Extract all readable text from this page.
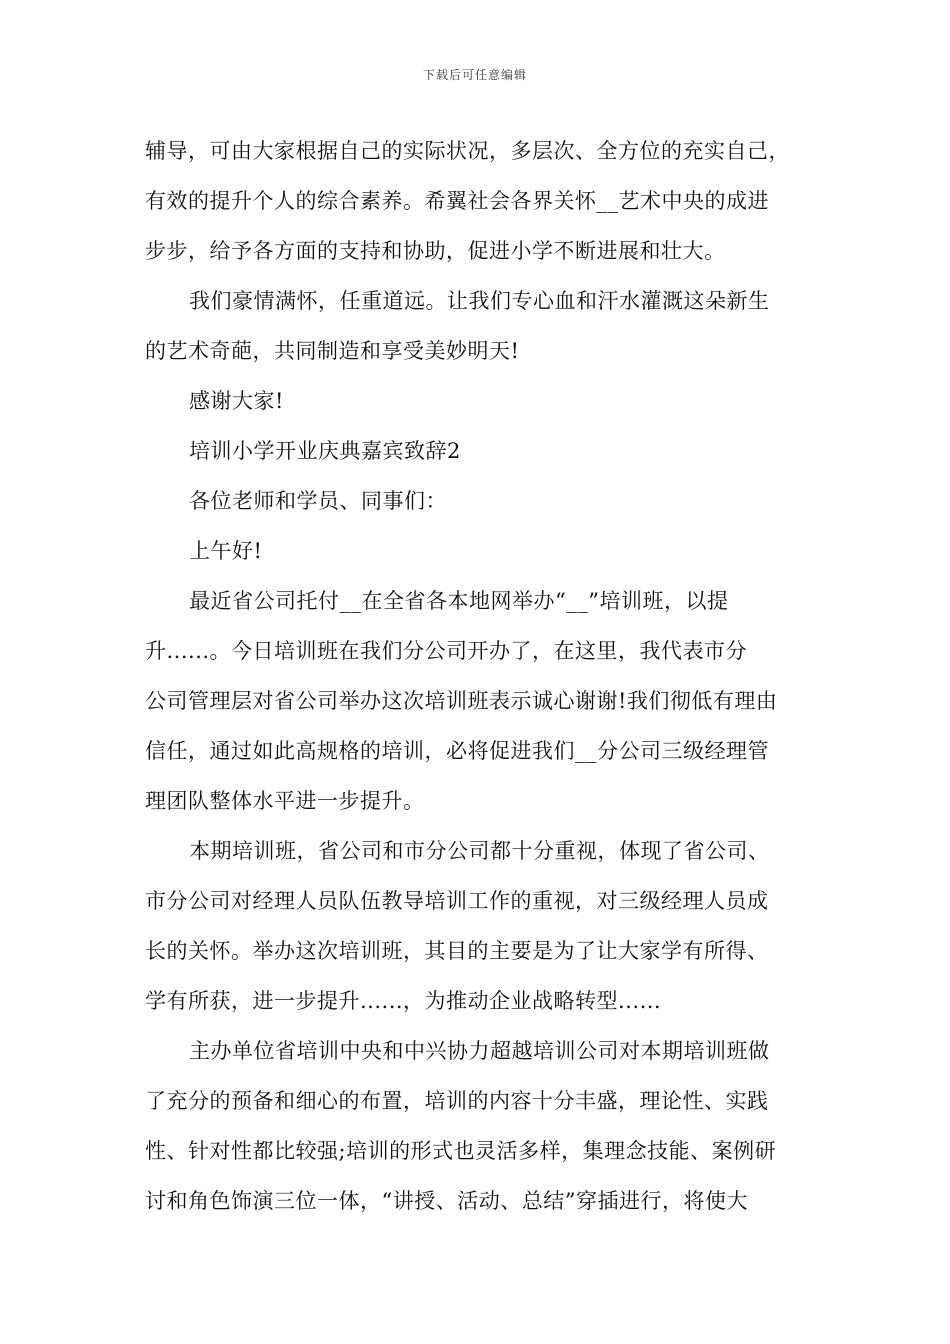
下载后可任意编辑
辅导，可由大家根据自己的实际状况，多层次、全方位的充实自己，
有效的提升个人的综合素养。希翼社会各界关怀__艺术中央的成进
步步，给予各方面的支持和协助，促进小学不断进展和壮大。
我们豪情满怀，任重道远。让我们专心血和汗水灌溉这朵新生
的艺术奇葩，共同制造和享受美妙明天!
感谢大家!
培训小学开业庆典嘉宾致辞2
各位老师和学员、同事们：
上午好!
最近省公司托付__在全省各本地网举办“__”培训班，以提
升......。今日培训班在我们分公司开办了，在这里，我代表市分
公司管理层对省公司举办这次培训班表示诚心谢谢!我们彻低有理由
信任，通过如此高规格的培训，必将促进我们__分公司三级经理管
理团队整体水平进一步提升。
本期培训班，省公司和市分公司都十分重视，体现了省公司、
市分公司对经理人员队伍教导培训工作的重视，对三级经理人员成
长的关怀。举办这次培训班，其目的主要是为了让大家学有所得、
学有所获，进一步提升......，为推动企业战略转型......
主办单位省培训中央和中兴协力超越培训公司对本期培训班做
了充分的预备和细心的布置，培训的内容十分丰盛，理论性、实践
性、针对性都比较强;培训的形式也灵活多样，集理念技能、案例研
讨和角色饰演三位一体，“讲授、活动、总结”穿插进行，将使大
